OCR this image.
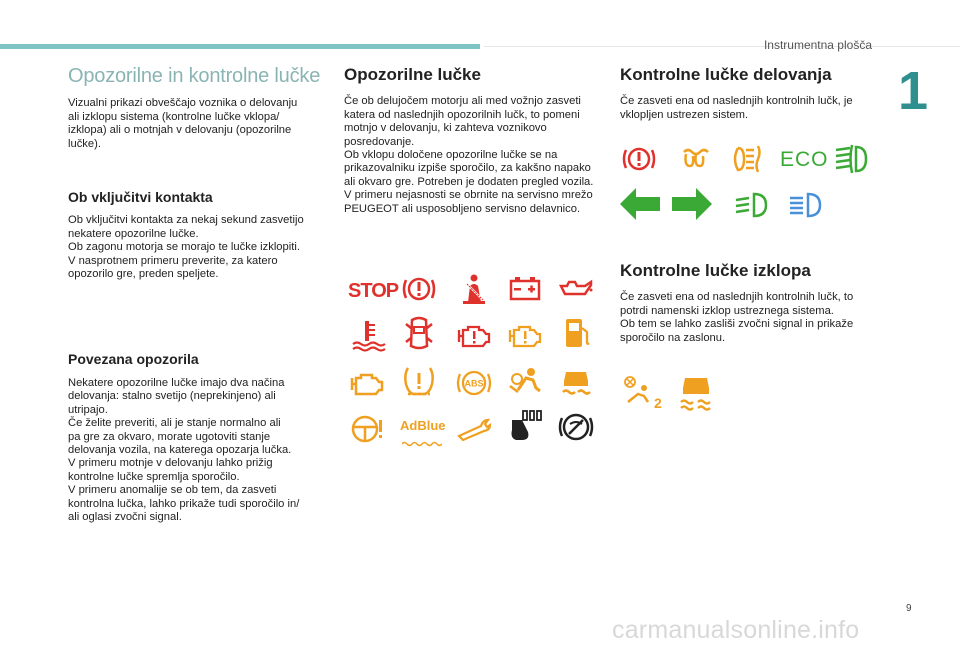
Instrumentna plošča
1
Opozorilne in kontrolne lučke

Vizualni prikazi obveščajo voznika o delovanju
ali izklopu sistema (kontrolne lučke vklopa/
izklopa) ali o motnjah v delovanju (opozorilne
lučke).

Ob vključitvi kontakta

Ob vključitvi kontakta za nekaj sekund zasvetijo
nekatere opozorilne lučke.
Ob zagonu motorja se morajo te lučke izklopiti.
V nasprotnem primeru preverite, za katero
opozorilo gre, preden speljete.

Povezana opozorila

Nekatere opozorilne lučke imajo dva načina
delovanja: stalno svetijo (neprekinjeno) ali
utripajo.
Če želite preveriti, ali je stanje normalno ali
pa gre za okvaro, morate ugotoviti stanje
delovanja vozila, na katerega opozarja lučka.
V primeru motnje v delovanju lahko prižig
kontrolne lučke spremlja sporočilo.
V primeru anomalije se ob tem, da zasveti
kontrolna lučka, lahko prikaže tudi sporočilo in/
ali oglasi zvočni signal.

Opozorilne lučke

Če ob delujočem motorju ali med vožnjo zasveti
katera od naslednjih opozorilnih lučk, to pomeni
motnjo v delovanju, ki zahteva voznikovo
posredovanje.
Ob vklopu določene opozorilne lučke se na
prikazovalniku izpiše sporočilo, za kakšno napako
ali okvaro gre. Potreben je dodaten pregled vozila.
V primeru nejasnosti se obrnite na servisno mrežo
PEUGEOT ali usposobljeno servisno delavnico.

Kontrolne lučke delovanja

Če zasveti ena od naslednjih kontrolnih lučk, je
vklopljen ustrezen sistem.

Kontrolne lučke izklopa

Če zasveti ena od naslednjih kontrolnih lučk, to
potrdi namenski izklop ustreznega sistema.
Ob tem se lahko zasliši zvočni signal in prikaže
sporočilo na zaslonu.

STOP
ABS
AdBlue
ECO
2
9
carmanualsonline.info
